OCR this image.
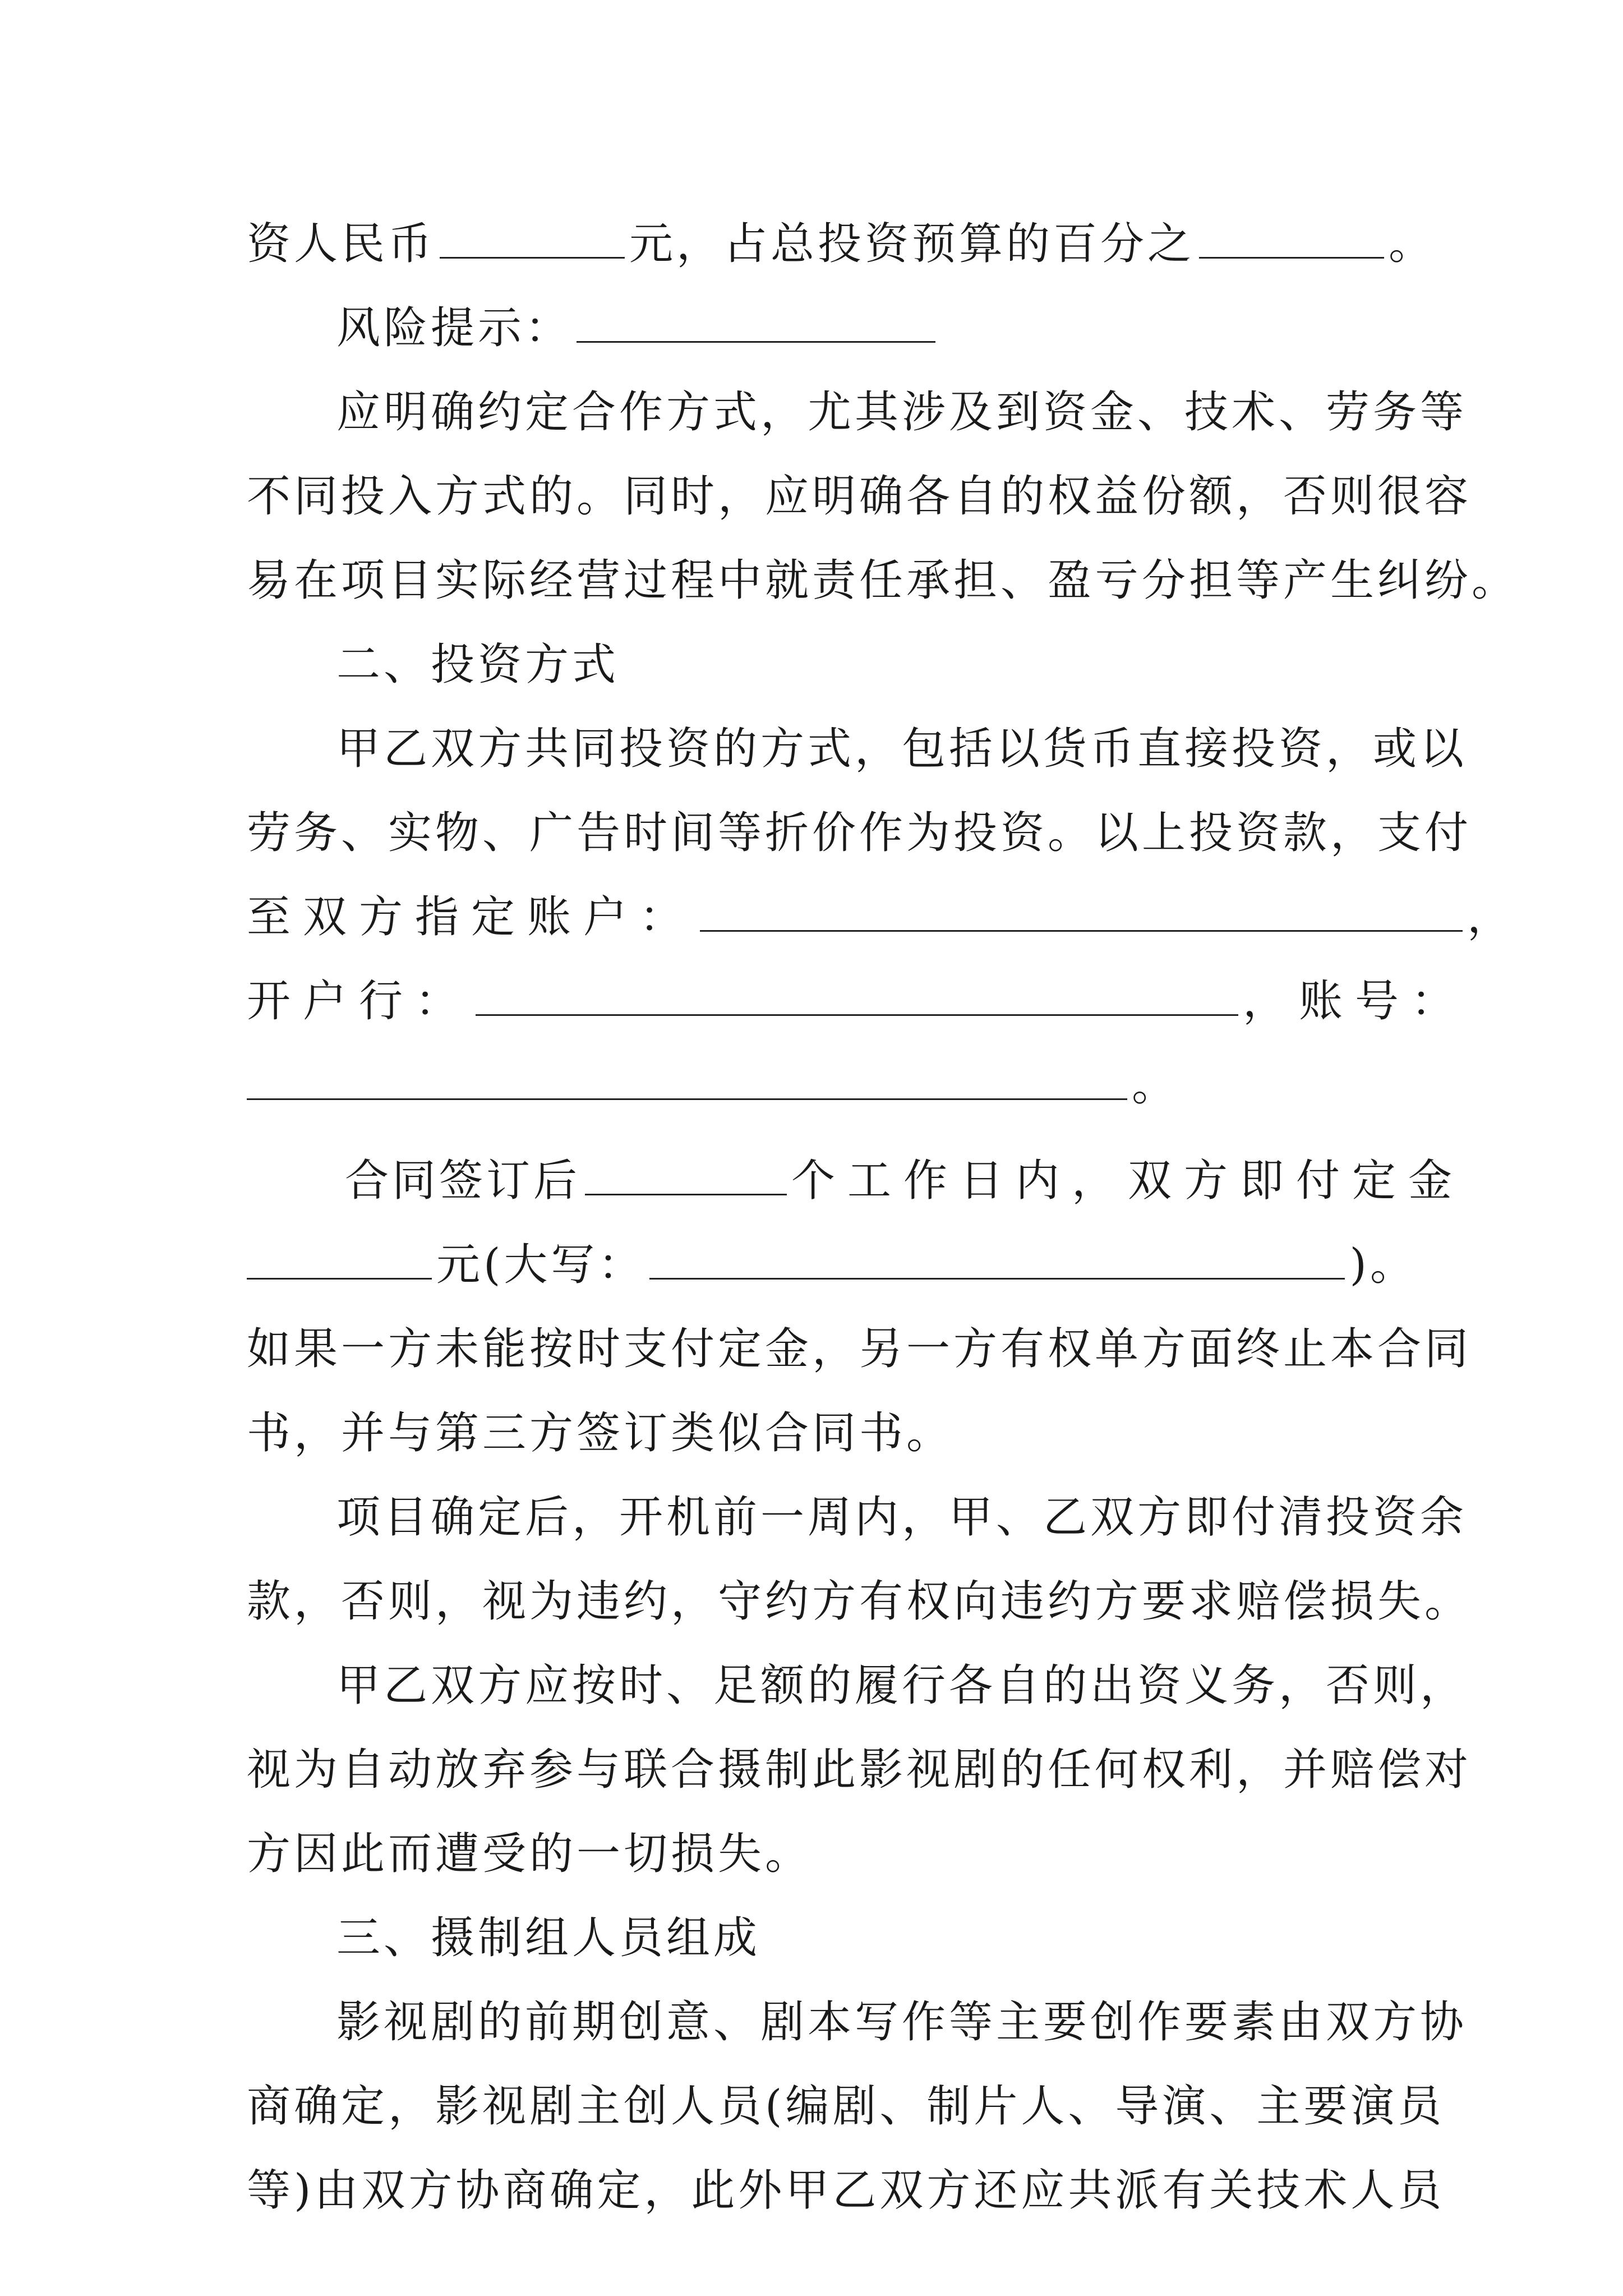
资人民币	元，占总投资预算的百分之	。
风险提示：
应明确约定合作方式，尤其涉及到资金、技术、劳务等
不同投入方式的。同时，应明确各自的权益份额，否则很容
易在项目实际经营过程中就责任承担、盈亏分担等产生纠纷。
二、投资方式
甲乙双方共同投资的方式，包括以货币直接投资，或以
劳务、实物、广告时间等折价作为投资。以上投资款，支付
至双方指定账户：	，
开户行：	，账号：
。
合同签订后	个工作日内，双方即付定金
元(大写：	)。
如果一方未能按时支付定金，另一方有权单方面终止本合同
书，并与第三方签订类似合同书。
项目确定后，开机前一周内，甲、乙双方即付清投资余
款，否则，视为违约，守约方有权向违约方要求赔偿损失。
甲乙双方应按时、足额的履行各自的出资义务，否则，
视为自动放弃参与联合摄制此影视剧的任何权利，并赔偿对
方因此而遭受的一切损失。
三、摄制组人员组成
影视剧的前期创意、剧本写作等主要创作要素由双方协
商确定，影视剧主创人员(编剧、制片人、导演、主要演员
等)由双方协商确定，此外甲乙双方还应共派有关技术人员
